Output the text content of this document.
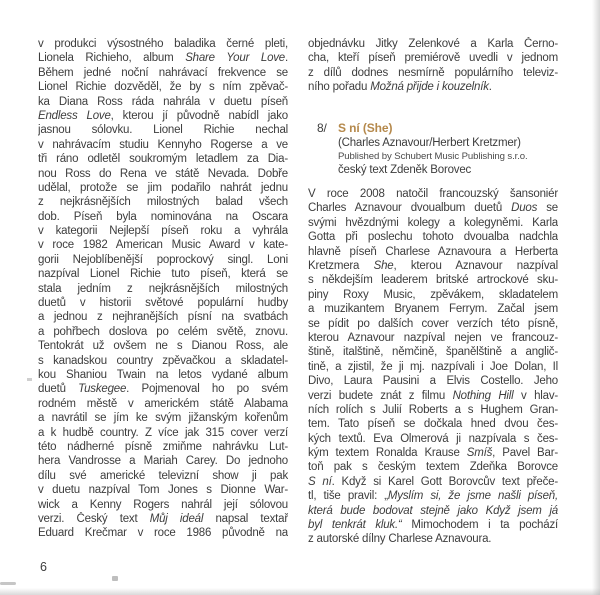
v produkci výsostného baladika černé pleti,
Lionela Richieho, album Share Your Love.
Během jedné noční nahrávací frekvence se
Lionel Richie dozvěděl, že by s ním zpěvač-
ka Diana Ross ráda nahrála v duetu píseň
Endless Love, kterou jí původně nabídl jako
jasnou sólovku. Lionel Richie nechal
v nahrávacím studiu Kennyho Rogerse a ve
tři ráno odletěl soukromým letadlem za Dia-
nou Ross do Rena ve státě Nevada. Dobře
udělal, protože se jim podařilo nahrát jednu
z nejkrásnějších milostných balad všech
dob. Píseň byla nominována na Oscara
v kategorii Nejlepší píseň roku a vyhrála
v roce 1982 American Music Award v kate-
gorii Nejoblíbenější poprockový singl. Loni
nazpíval Lionel Richie tuto píseň, která se
stala jedním z nejkrásnějších milostných
duetů v historii světové populární hudby
a jednou z nejhranějších písní na svatbách
a pohřbech doslova po celém světě, znovu.
Tentokrát už ovšem ne s Dianou Ross, ale
s kanadskou country zpěvačkou a skladatel-
kou Shaniou Twain na letos vydané album
duetů Tuskegee. Pojmenoval ho po svém
rodném městě v americkém státě Alabama
a navrátil se jím ke svým jižanským kořenům
a k hudbě country. Z více jak 315 cover verzí
této nádherné písně zmiňme nahrávku Lut-
hera Vandrosse a Mariah Carey. Do jednoho
dílu své americké televizní show ji pak
v duetu nazpíval Tom Jones s Dionne War-
wick a Kenny Rogers nahrál její sólovou
verzi. Český text Můj ideál napsal textař
Eduard Krečmar v roce 1986 původně na
objednávku Jitky Zelenkové a Karla Černo-
cha, kteří píseň premiérově uvedli v jednom
z dílů dodnes nesmírně populárního televiz-
ního pořadu Možná přijde i kouzelník.
8/ S ní (She)
(Charles Aznavour/Herbert Kretzmer)
Published by Schubert Music Publishing s.r.o.
český text Zdeněk Borovec
V roce 2008 natočil francouzský šansoniér
Charles Aznavour dvoualbum duetů Duos se
svými hvězdnými kolegy a kolegyněmi. Karla
Gotta při poslechu tohoto dvoualba nadchla
hlavně píseň Charlese Aznavoura a Herberta
Kretzmera She, kterou Aznavour nazpíval
s někdejším leaderem britské artrockové sku-
piny Roxy Music, zpěvákem, skladatelem
a muzikantem Bryanem Ferrym. Začal jsem
se pídit po dalších cover verzích této písně,
kterou Aznavour nazpíval nejen ve francouz-
štině, italštině, němčině, španělštině a anglič-
tině, a zjistil, že ji mj. nazpívali i Joe Dolan, Il
Divo, Laura Pausini a Elvis Costello. Jeho
verzi budete znát z filmu Nothing Hill v hlav-
ních rolích s Julií Roberts a s Hughem Gran-
tem. Tato píseň se dočkala hned dvou čes-
kých textů. Eva Olmerová ji nazpívala s čes-
kým textem Ronalda Krause Smíš, Pavel Bar-
toň pak s českým textem Zdeňka Borovce
S ní. Když si Karel Gott Borovcův text přeče-
tl, tiše pravil: „Myslím si, že jsme našli píseň,
která bude bodovat stejně jako Když jsem já
byl tenkrát kluk.“ Mimochodem i ta pochází
z autorské dílny Charlese Aznavoura.
6
